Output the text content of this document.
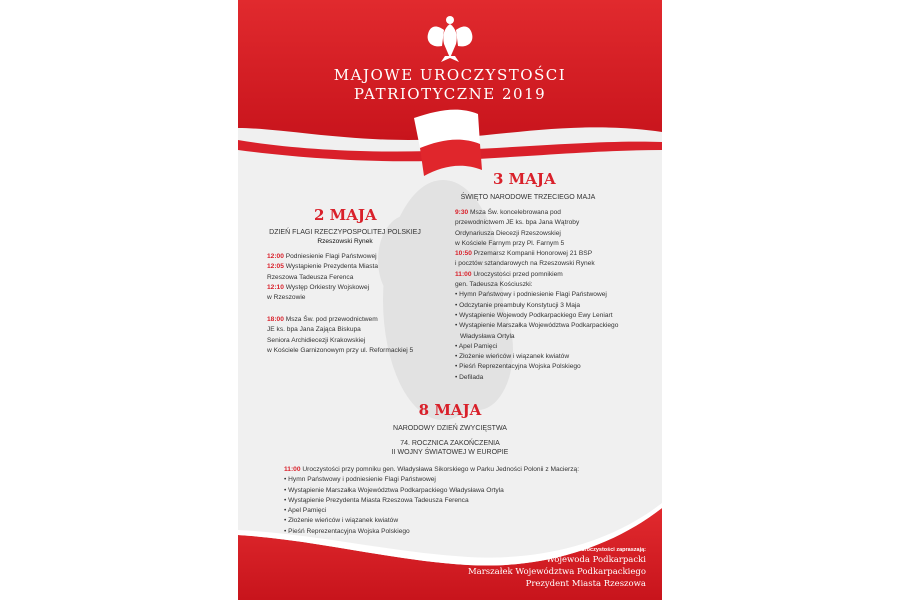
MAJOWE UROCZYSTOŚCI
PATRIOTYCZNE 2019
3 MAJA
ŚWIĘTO NARODOWE TRZECIEGO MAJA
9:30 Msza Św. koncelebrowana pod
przewodnictwem JE ks. bpa Jana Wątroby
Ordynariusza Diecezji Rzeszowskiej
w Kościele Farnym przy Pl. Farnym 5
10:50 Przemarsz Kompanii Honorowej 21 BSP
i pocztów sztandarowych na Rzeszowski Rynek
11:00 Uroczystości przed pomnikiem
gen. Tadeusza Kościuszki:
• Hymn Państwowy i podniesienie Flagi Państwowej
• Odczytanie preambuły Konstytucji 3 Maja
• Wystąpienie Wojewody Podkarpackiego Ewy Leniart
• Wystąpienie Marszałka Województwa Podkarpackiego
Władysława Ortyla
• Apel Pamięci
• Złożenie wieńców i wiązanek kwiatów
• Pieśń Reprezentacyjna Wojska Polskiego
• Defilada
2 MAJA
DZIEŃ FLAGI RZECZYPOSPOLITEJ POLSKIEJ
Rzeszowski Rynek
12:00 Podniesienie Flagi Państwowej
12:05 Wystąpienie Prezydenta Miasta
Rzeszowa Tadeusza Ferenca
12:10 Występ Orkiestry Wojskowej
w Rzeszowie
18:00 Msza Św. pod przewodnictwem
JE ks. bpa Jana Zająca Biskupa
Seniora Archidiecezji Krakowskiej
w Kościele Garnizonowym przy ul. Reformackiej 5
8 MAJA
NARODOWY DZIEŃ ZWYCIĘSTWA
74. ROCZNICA ZAKOŃCZENIA
II WOJNY ŚWIATOWEJ W EUROPIE
11:00 Uroczystości przy pomniku gen. Władysława Sikorskiego w Parku Jedności Polonii z Macierzą:
• Hymn Państwowy i podniesienie Flagi Państwowej
• Wystąpienie Marszałka Województwa Podkarpackiego Władysława Ortyla
• Wystąpienie Prezydenta Miasta Rzeszowa Tadeusza Ferenca
• Apel Pamięci
• Złożenie wieńców i wiązanek kwiatów
• Pieśń Reprezentacyjna Wojska Polskiego
Na uroczystości zapraszają:
Wojewoda Podkarpacki
Marszałek Województwa Podkarpackiego
Prezydent Miasta Rzeszowa
